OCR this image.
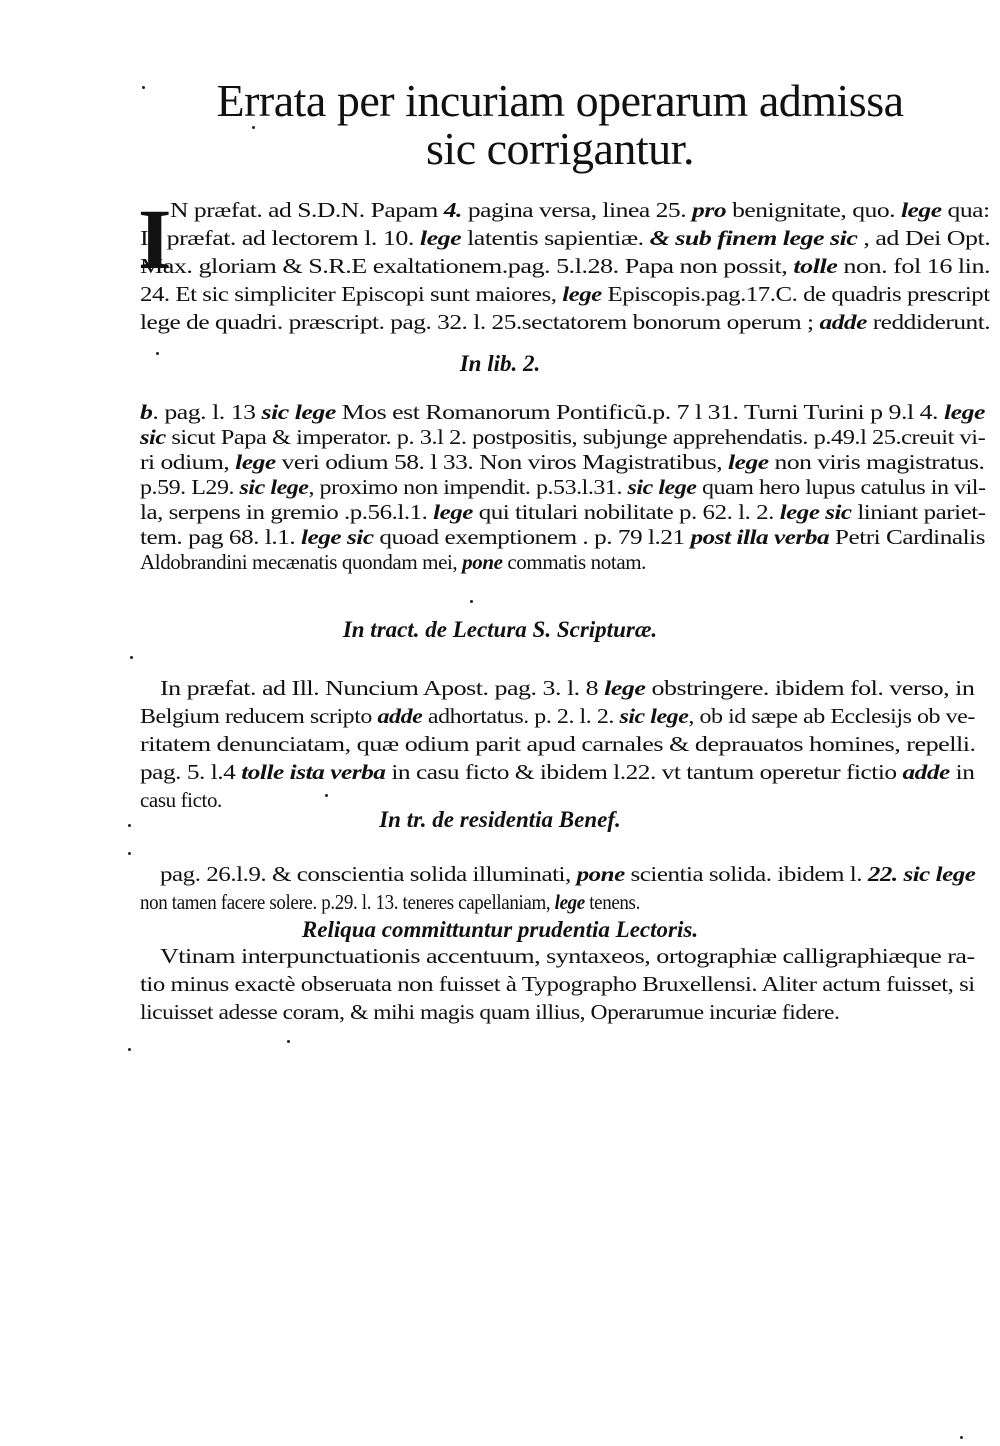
Errata per incuriam operarum admissa
sic corrigantur.
I
N præfat. ad S.D.N. Papam 4. pagina versa, linea 25. pro benignitate, quo. lege qua:
In præfat. ad lectorem l. 10. lege latentis sapientiæ. & sub finem lege sic , ad Dei Opt.
Max. gloriam & S.R.E exaltationem.pag. 5.l.28. Papa non possit, tolle non. fol 16 lin.
24. Et sic simpliciter Episcopi sunt maiores, lege Episcopis.pag.17.C. de quadris prescript
lege de quadri. præscript. pag. 32. l. 25.sectatorem bonorum operum ; adde reddiderunt.
In lib. 2.
b. pag. l. 13 sic lege Mos est Romanorum Pontificũ.p. 7 l 31. Turni Turini p 9.l 4. lege
sic sicut Papa & imperator. p. 3.l 2. postpositis, subjunge apprehendatis. p.49.l 25.creuit vi-
ri odium, lege veri odium 58. l 33. Non viros Magistratibus, lege non viris magistratus.
p.59. L29. sic lege, proximo non impendit. p.53.l.31. sic lege quam hero lupus catulus in vil-
la, serpens in gremio .p.56.l.1. lege qui titulari nobilitate p. 62. l. 2. lege sic liniant pariet-
tem. pag 68. l.1. lege sic quoad exemptionem . p. 79 l.21 post illa verba Petri Cardinalis
Aldobrandini mecænatis quondam mei, pone commatis notam.
In tract. de Lectura S. Scripturæ.
In præfat. ad Ill. Nuncium Apost. pag. 3. l. 8 lege obstringere. ibidem fol. verso, in
Belgium reducem scripto adde adhortatus. p. 2. l. 2. sic lege, ob id sæpe ab Ecclesijs ob ve-
ritatem denunciatam, quæ odium parit apud carnales & deprauatos homines, repelli.
pag. 5. l.4 tolle ista verba in casu ficto & ibidem l.22. vt tantum operetur fictio adde in
casu ficto.
In tr. de residentia Benef.
pag. 26.l.9. & conscientia solida illuminati, pone scientia solida. ibidem l. 22. sic lege
non tamen facere solere. p.29. l. 13. teneres capellaniam, lege tenens.
Reliqua committuntur prudentia Lectoris.
Vtinam interpunctuationis accentuum, syntaxeos, ortographiæ calligraphiæque ra-
tio minus exactè obseruata non fuisset à Typographo Bruxellensi. Aliter actum fuisset, si
licuisset adesse coram, & mihi magis quam illius, Operarumue incuriæ fidere.
